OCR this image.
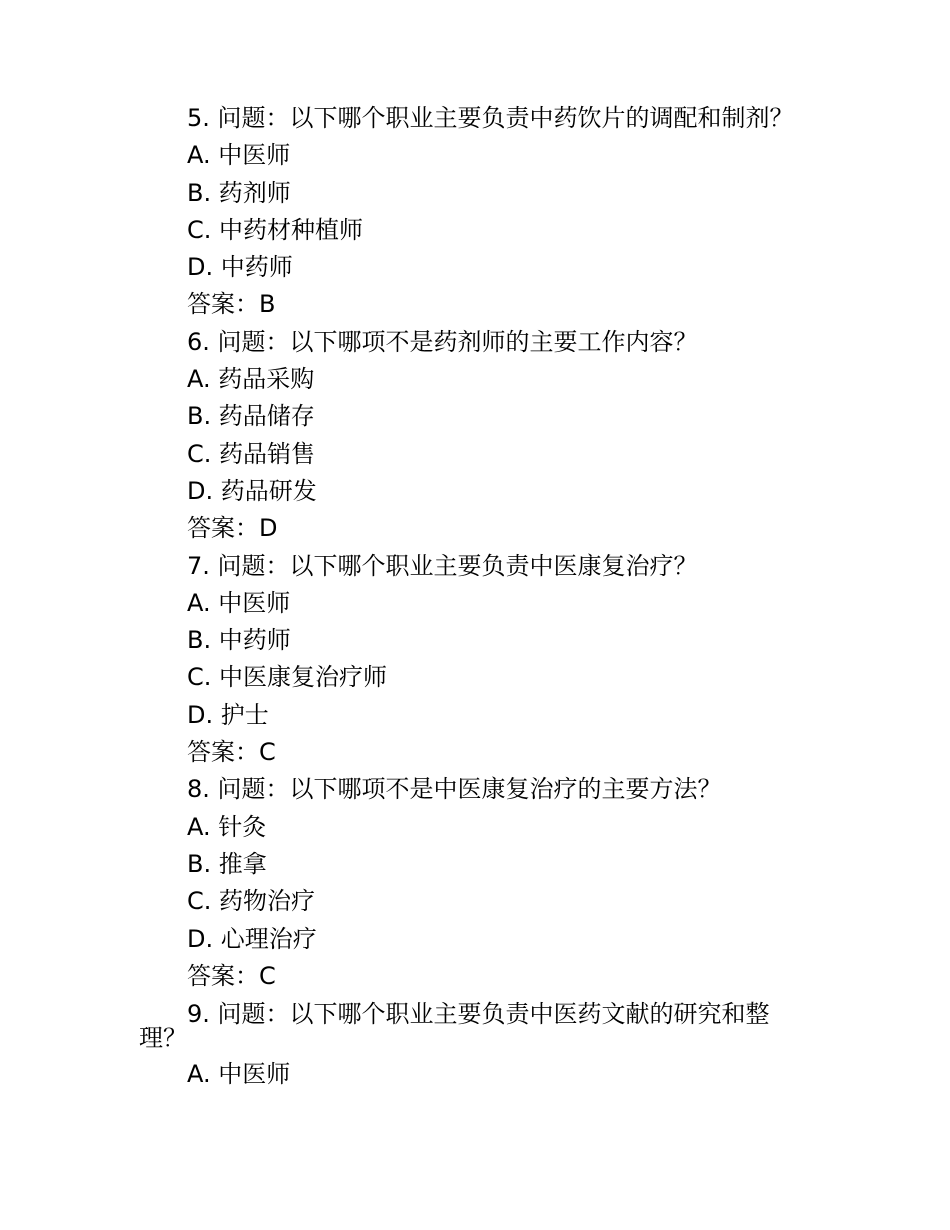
5. 问题：以下哪个职业主要负责中药饮片的调配和制剂？
A. 中医师
B. 药剂师
C. 中药材种植师
D. 中药师
答案：B
6. 问题：以下哪项不是药剂师的主要工作内容？
A. 药品采购
B. 药品储存
C. 药品销售
D. 药品研发
答案：D
7. 问题：以下哪个职业主要负责中医康复治疗？
A. 中医师
B. 中药师
C. 中医康复治疗师
D. 护士
答案：C
8. 问题：以下哪项不是中医康复治疗的主要方法？
A. 针灸
B. 推拿
C. 药物治疗
D. 心理治疗
答案：C
9. 问题：以下哪个职业主要负责中医药文献的研究和整理？
A. 中医师
